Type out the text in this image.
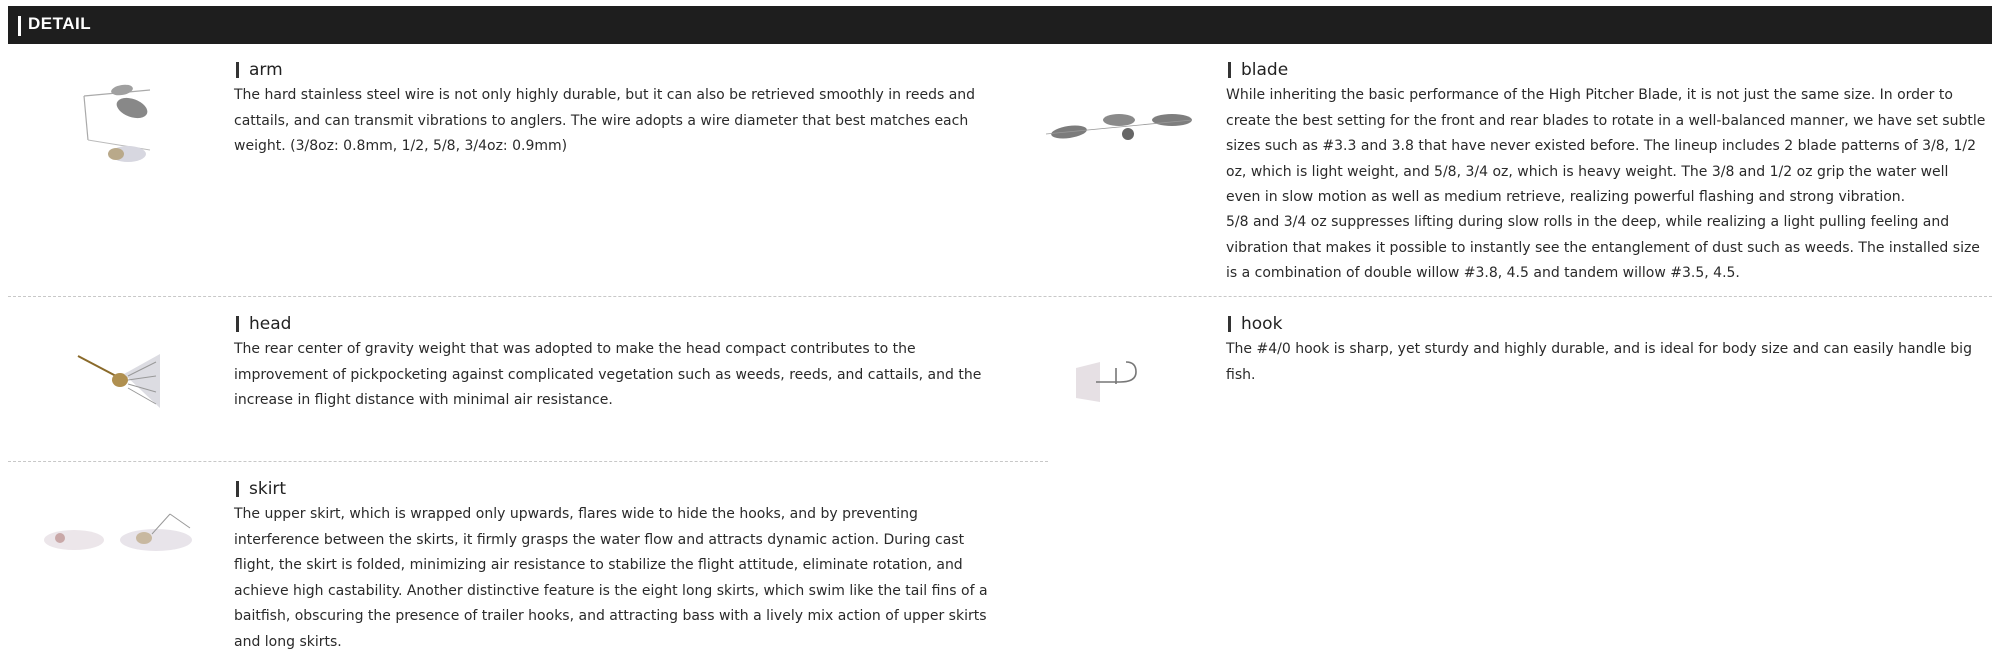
DETAIL
arm

The hard stainless steel wire is not only highly durable, but it can also be retrieved smoothly in reeds and cattails, and can transmit vibrations to anglers. The wire adopts a wire diameter that best matches each weight. (3/8oz: 0.8mm, 1/2, 5/8, 3/4oz: 0.9mm)

blade

While inheriting the basic performance of the High Pitcher Blade, it is not just the same size. In order to create the best setting for the front and rear blades to rotate in a well-balanced manner, we have set subtle sizes such as #3.3 and 3.8 that have never existed before. The lineup includes 2 blade patterns of 3/8, 1/2 oz, which is light weight, and 5/8, 3/4 oz, which is heavy weight. The 3/8 and 1/2 oz grip the water well even in slow motion as well as medium retrieve, realizing powerful flashing and strong vibration.

5/8 and 3/4 oz suppresses lifting during slow rolls in the deep, while realizing a light pulling feeling and vibration that makes it possible to instantly see the entanglement of dust such as weeds. The installed size is a combination of double willow #3.8, 4.5 and tandem willow #3.5, 4.5.

head

The rear center of gravity weight that was adopted to make the head compact contributes to the improvement of pickpocketing against complicated vegetation such as weeds, reeds, and cattails, and the increase in flight distance with minimal air resistance.

hook

The #4/0 hook is sharp, yet sturdy and highly durable, and is ideal for body size and can easily handle big fish.

skirt

The upper skirt, which is wrapped only upwards, flares wide to hide the hooks, and by preventing interference between the skirts, it firmly grasps the water flow and attracts dynamic action. During cast flight, the skirt is folded, minimizing air resistance to stabilize the flight attitude, eliminate rotation, and achieve high castability. Another distinctive feature is the eight long skirts, which swim like the tail fins of a baitfish, obscuring the presence of trailer hooks, and attracting bass with a lively mix action of upper skirts and long skirts.
